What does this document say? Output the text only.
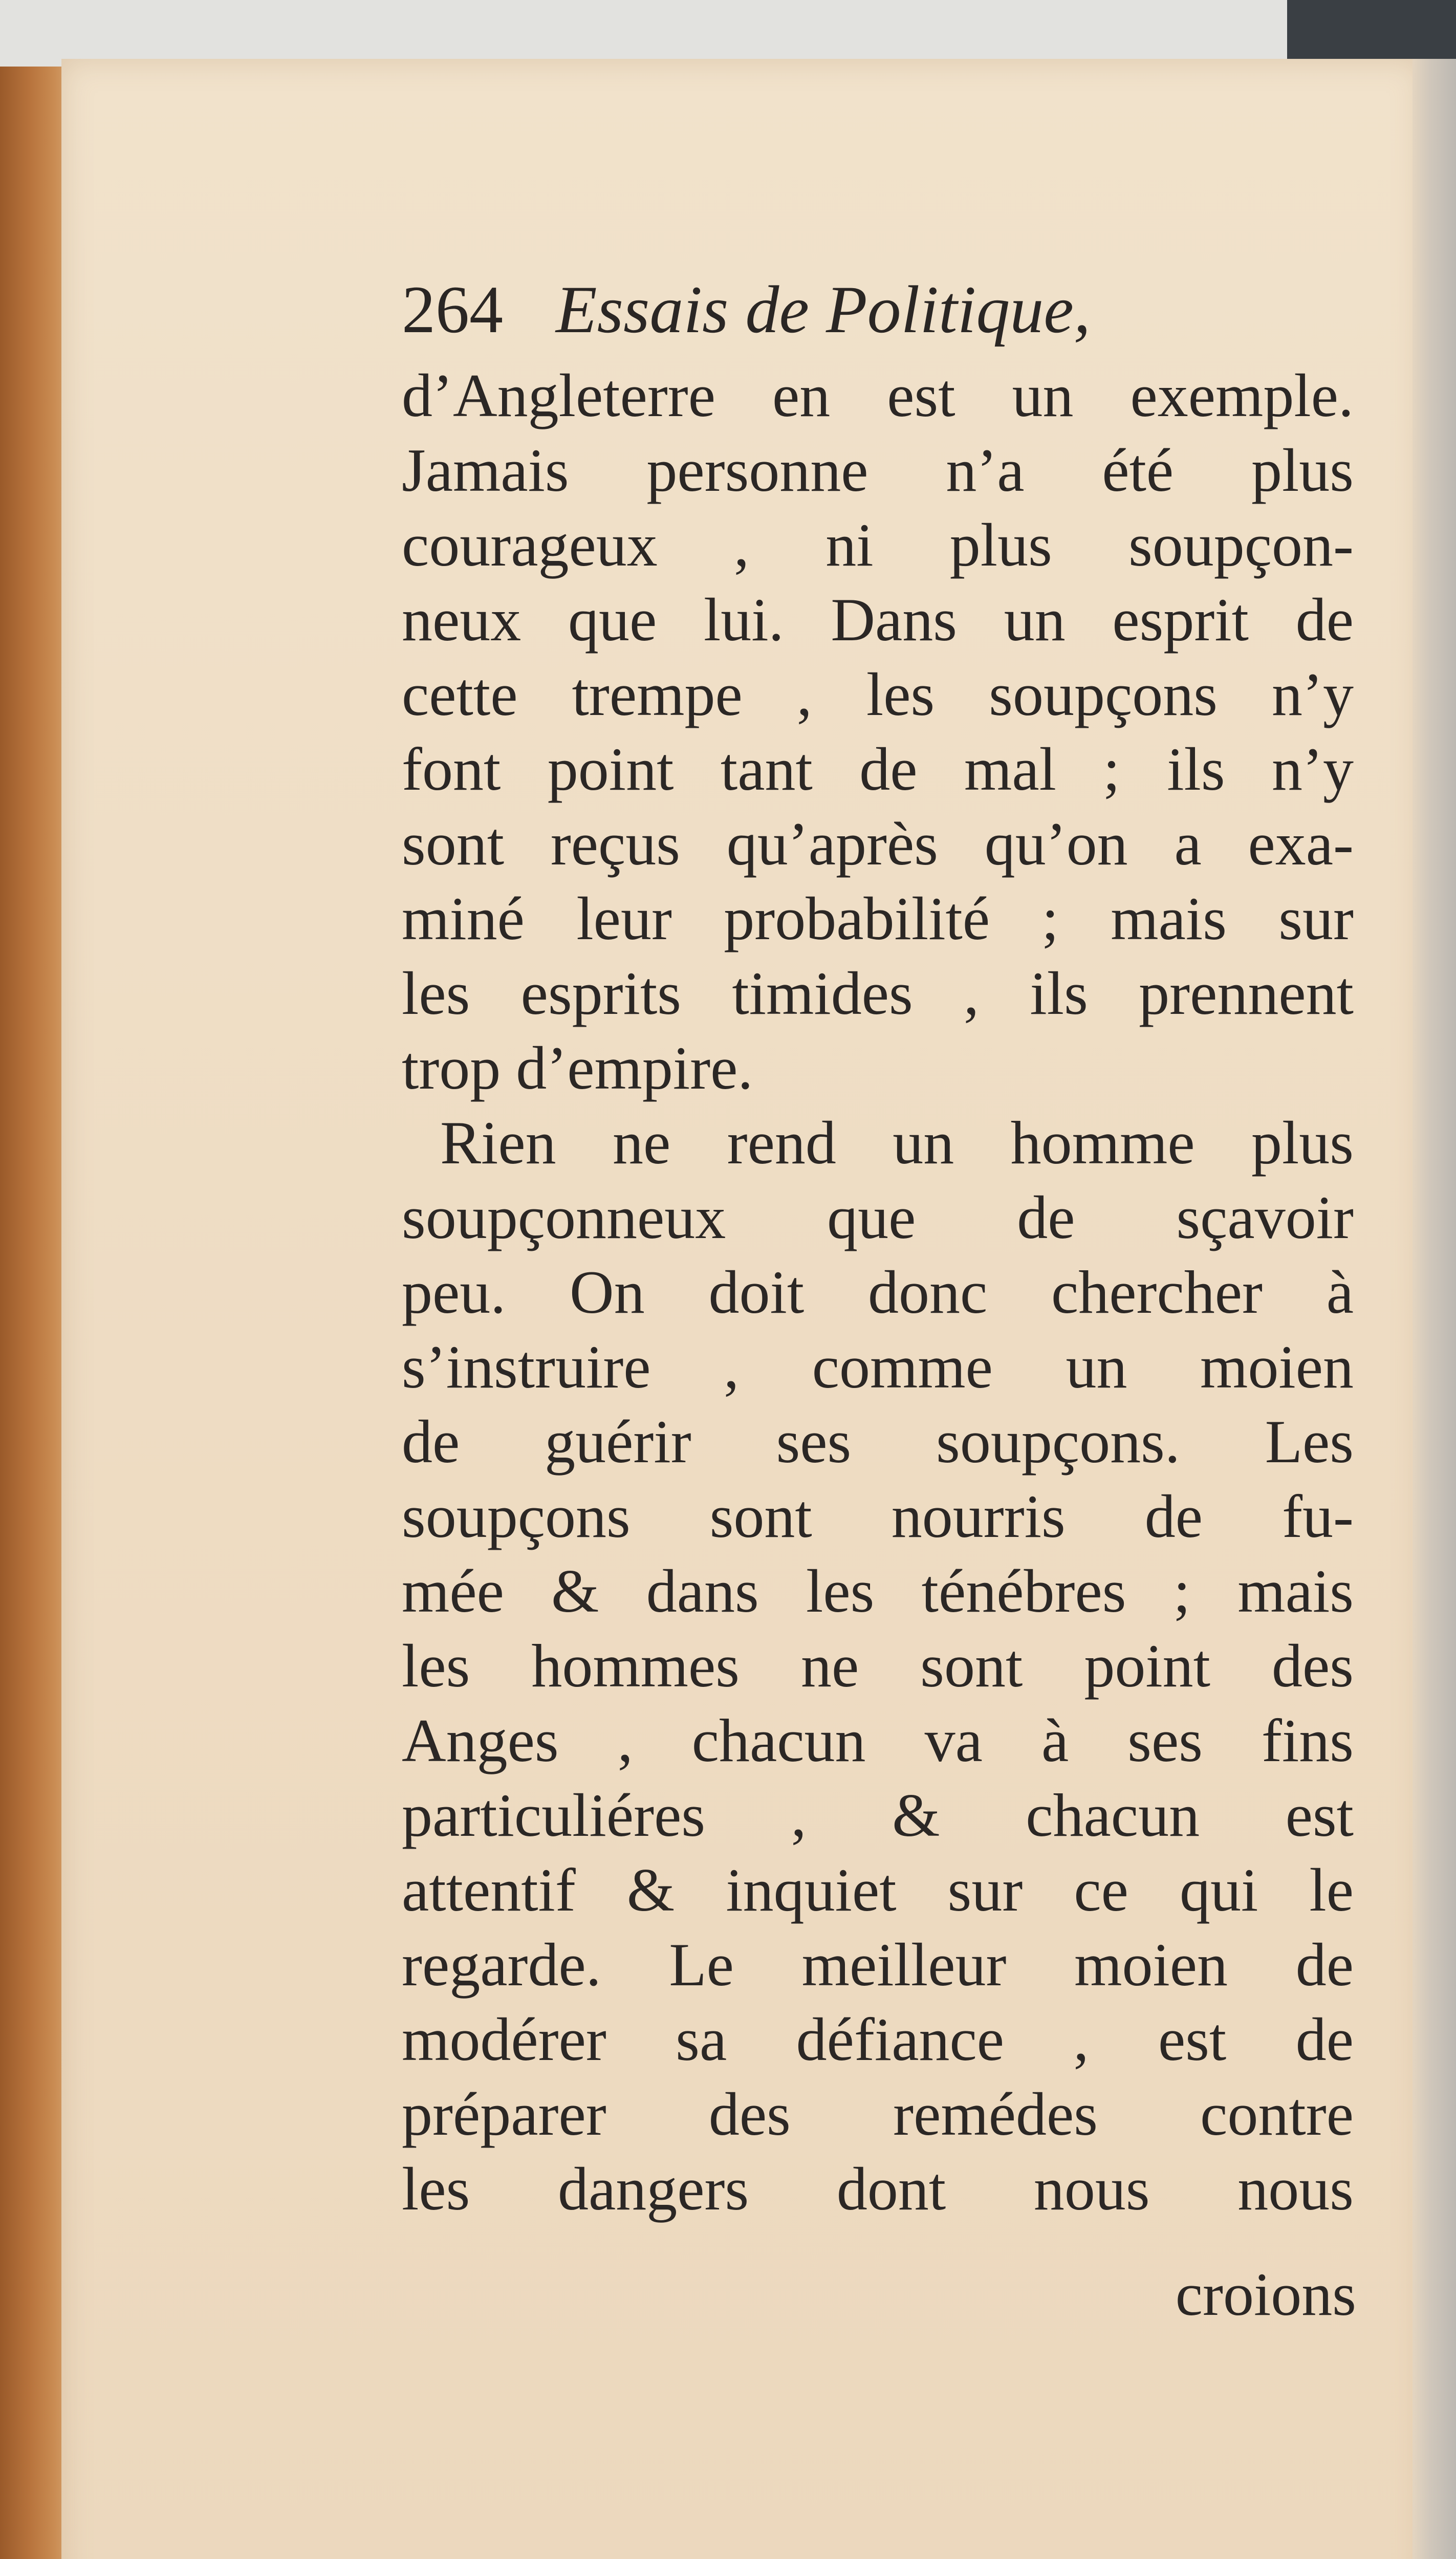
264 Essais de Politique,
d’Angleterre en est un exemple.
Jamais personne n’a été plus
courageux , ni plus soupçon-
neux que lui. Dans un esprit de
cette trempe , les soupçons n’y
font point tant de mal ; ils n’y
sont reçus qu’après qu’on a exa-
miné leur probabilité ; mais sur
les esprits timides , ils prennent
trop d’empire.
Rien ne rend un homme plus
soupçonneux que de sçavoir
peu. On doit donc chercher à
s’instruire , comme un moien
de guérir ses soupçons. Les
soupçons sont nourris de fu-
mée & dans les ténébres ; mais
les hommes ne sont point des
Anges , chacun va à ses fins
particuliéres , & chacun est
attentif & inquiet sur ce qui le
regarde. Le meilleur moien de
modérer sa défiance , est de
préparer des remédes contre
les dangers dont nous nous
croions
